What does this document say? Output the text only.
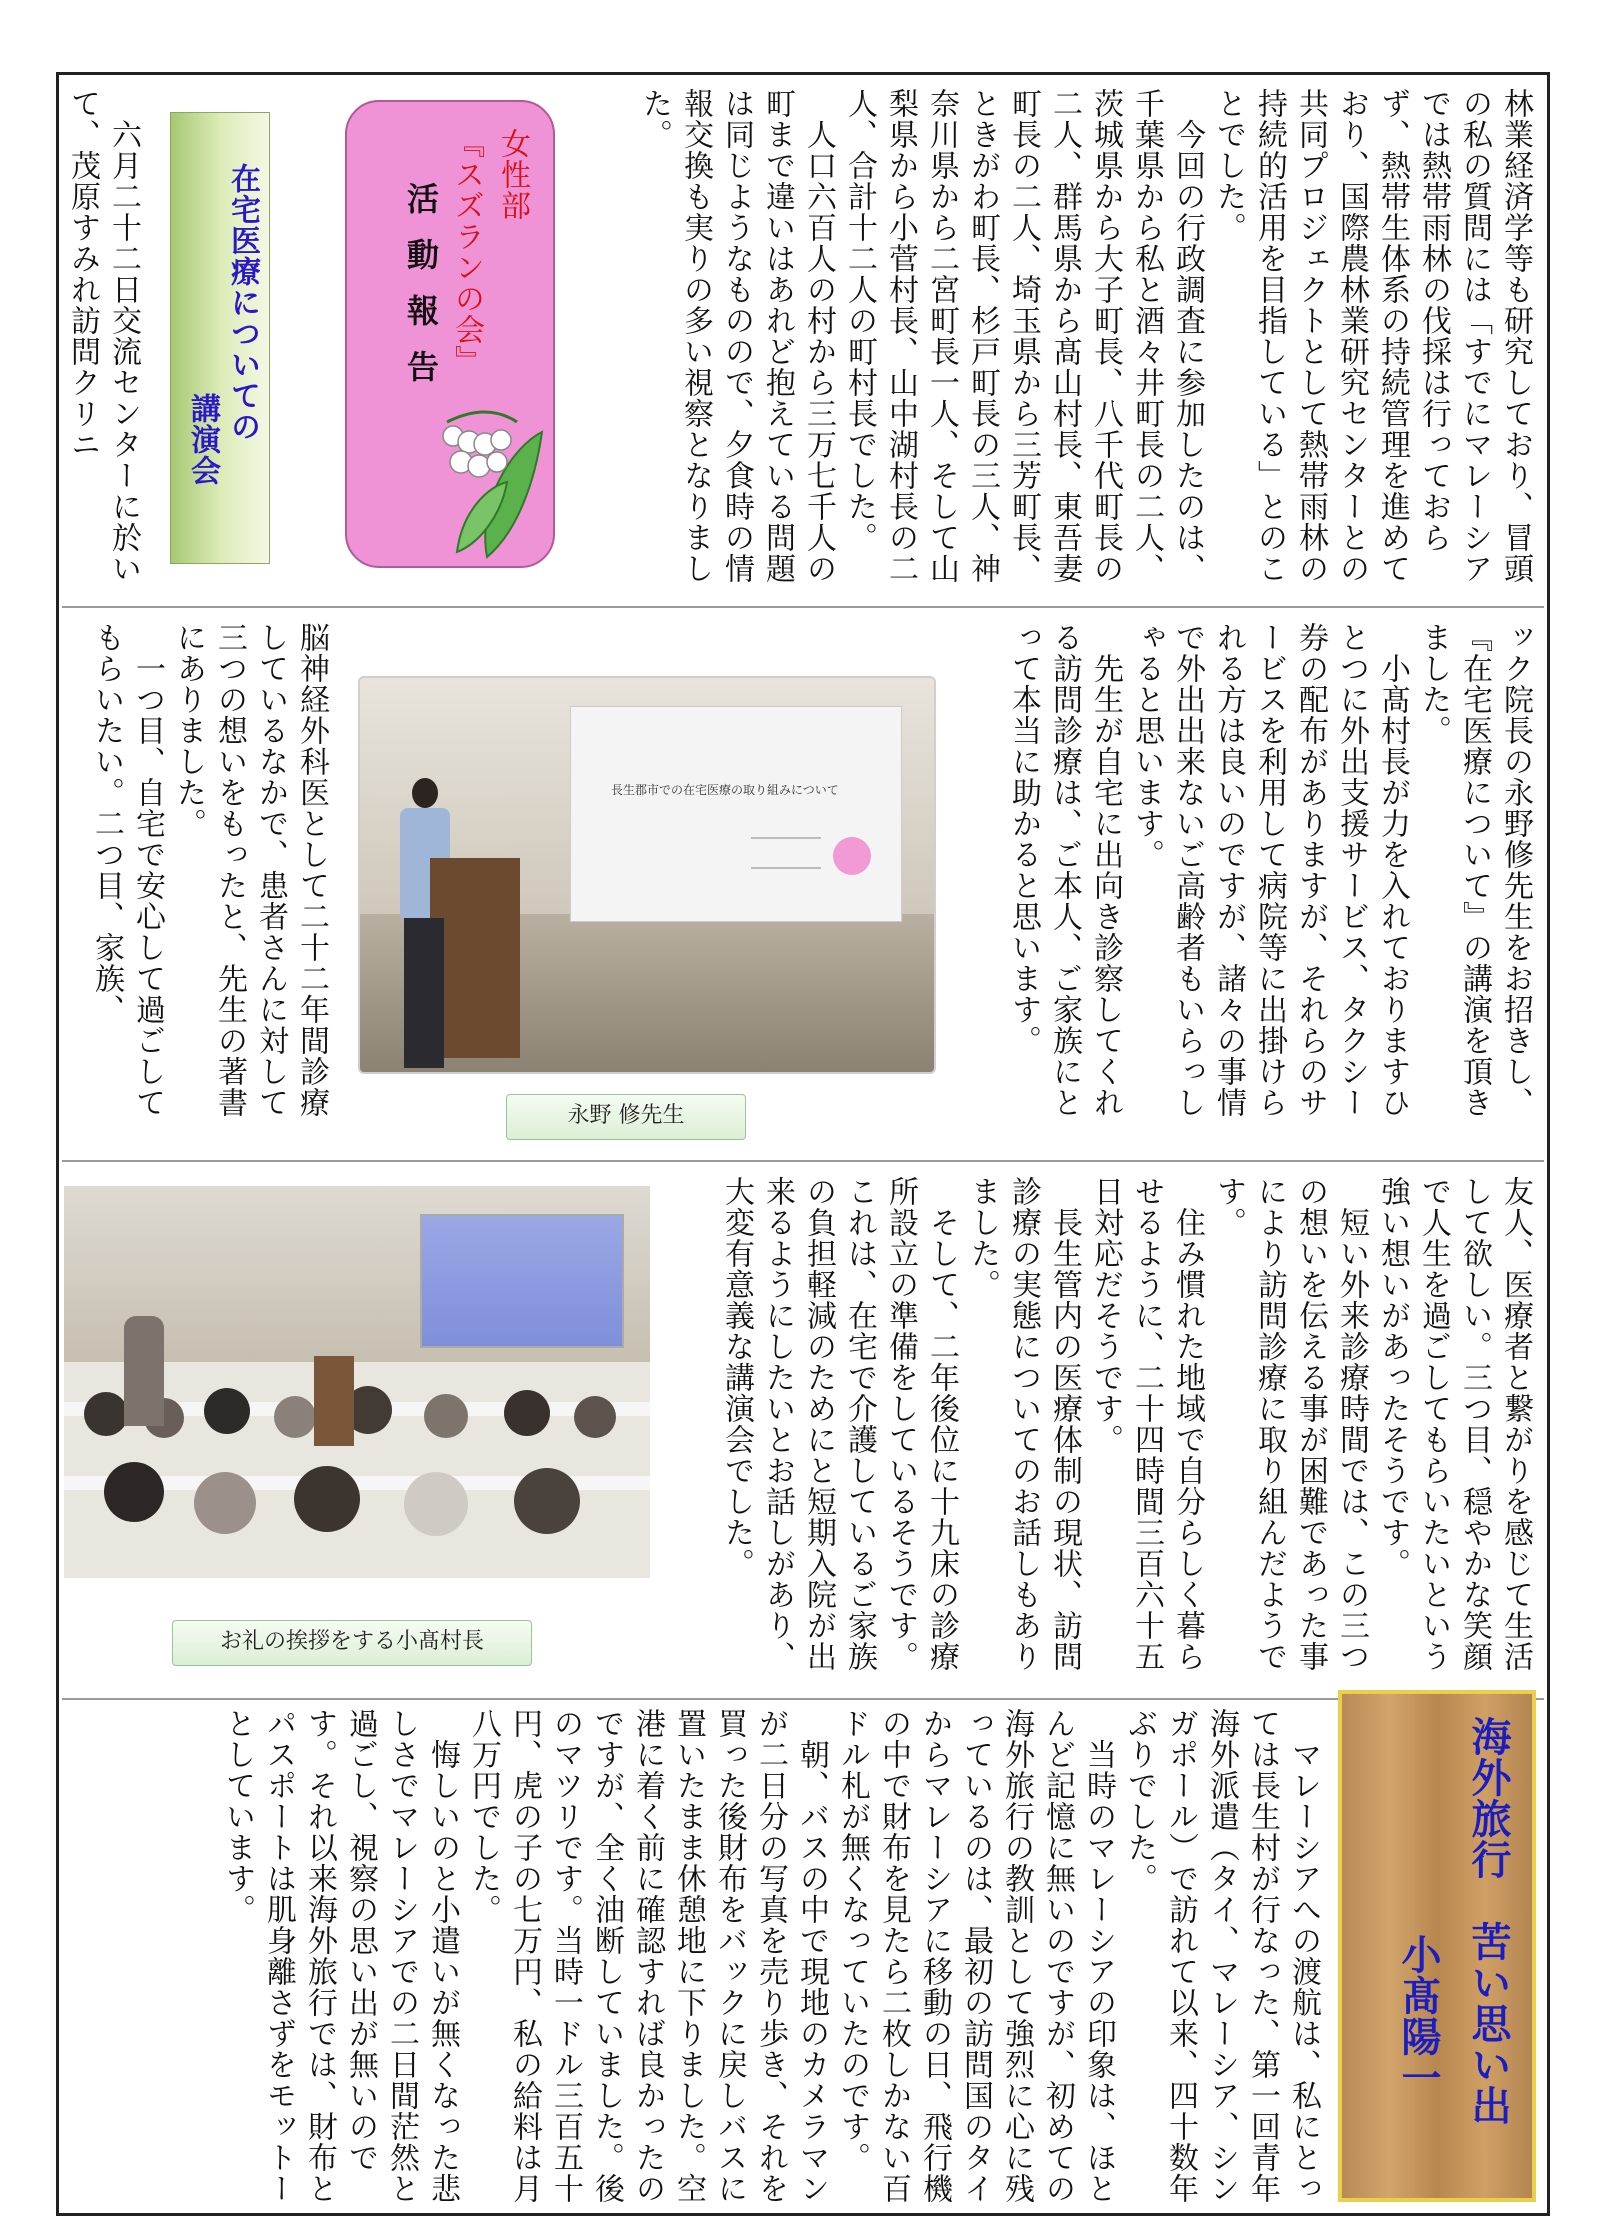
林業経済学等も研究しており、冒頭の私の質問には「すでにマレーシアでは熱帯雨林の伐採は行っておらず、熱帯生体系の持続管理を進めており、国際農林業研究センターとの共同プロジェクトとして熱帯雨林の持続的活用を目指している」とのことでした。
　今回の行政調査に参加したのは、千葉県から私と酒々井町長の二人、茨城県から大子町長、八千代町長の二人、群馬県から髙山村長、東吾妻町長の二人、埼玉県から三芳町長、ときがわ町長、杉戸町長の三人、神奈川県から二宮町長一人、そして山梨県から小菅村長、山中湖村長の二人、合計十二人の町村長でした。
　人口六百人の村から三万七千人の町まで違いはあれど抱えている問題は同じようなものので、夕食時の情報交換も実りの多い視察となりました。
女性部
『スズランの会』
活動報告
在宅医療についての
講演会
　六月二十二日交流センターに於いて、茂原すみれ訪問クリニ
ック院長の永野修先生をお招きし、『在宅医療について』の講演を頂きました。
　小髙村長が力を入れておりますひとつに外出支援サービス、タクシー券の配布がありますが、それらのサービスを利用して病院等に出掛けられる方は良いのですが、諸々の事情で外出出来ないご高齢者もいらっしゃると思います。
　先生が自宅に出向き診察してくれる訪問診療は、ご本人、ご家族にとって本当に助かると思います。
長生郡市での在宅医療の取り組みについて
永野 修先生
脳神経外科医として二十二年間診療しているなかで、患者さんに対して三つの想いをもったと、先生の著書にありました。
　一つ目、自宅で安心して過ごしてもらいたい。二つ目、家族、
友人、医療者と繋がりを感じて生活して欲しい。三つ目、穏やかな笑顔で人生を過ごしてもらいたいという強い想いがあったそうです。
　短い外来診療時間では、この三つの想いを伝える事が困難であった事により訪問診療に取り組んだようです。
　住み慣れた地域で自分らしく暮らせるように、二十四時間三百六十五日対応だそうです。
　長生管内の医療体制の現状、訪問診療の実態についてのお話しもありました。
　そして、二年後位に十九床の診療所設立の準備をしているそうです。これは、在宅で介護しているご家族の負担軽減のためにと短期入院が出来るようにしたいとお話しがあり、大変有意義な講演会でした。
お礼の挨拶をする小髙村長
海外旅行　苦い思い出
小髙陽一
　マレーシアへの渡航は、私にとっては長生村が行なった、第一回青年海外派遣（タイ、マレーシア、シンガポール）で訪れて以来、四十数年ぶりでした。
　当時のマレーシアの印象は、ほとんど記憶に無いのですが、初めての海外旅行の教訓として強烈に心に残っているのは、最初の訪問国のタイからマレーシアに移動の日、飛行機の中で財布を見たら二枚しかない百ドル札が無くなっていたのです。
　朝、バスの中で現地のカメラマンが二日分の写真を売り歩き、それを買った後財布をバックに戻しバスに置いたまま休憩地に下りました。空港に着く前に確認すれば良かったのですが、全く油断していました。後のマツリです。当時一ドル三百五十円、虎の子の七万円、私の給料は月八万円でした。
　悔しいのと小遣いが無くなった悲しさでマレーシアでの二日間茫然と過ごし、視察の思い出が無いのです。それ以来海外旅行では、財布とパスポートは肌身離さずをモットーとしています。
